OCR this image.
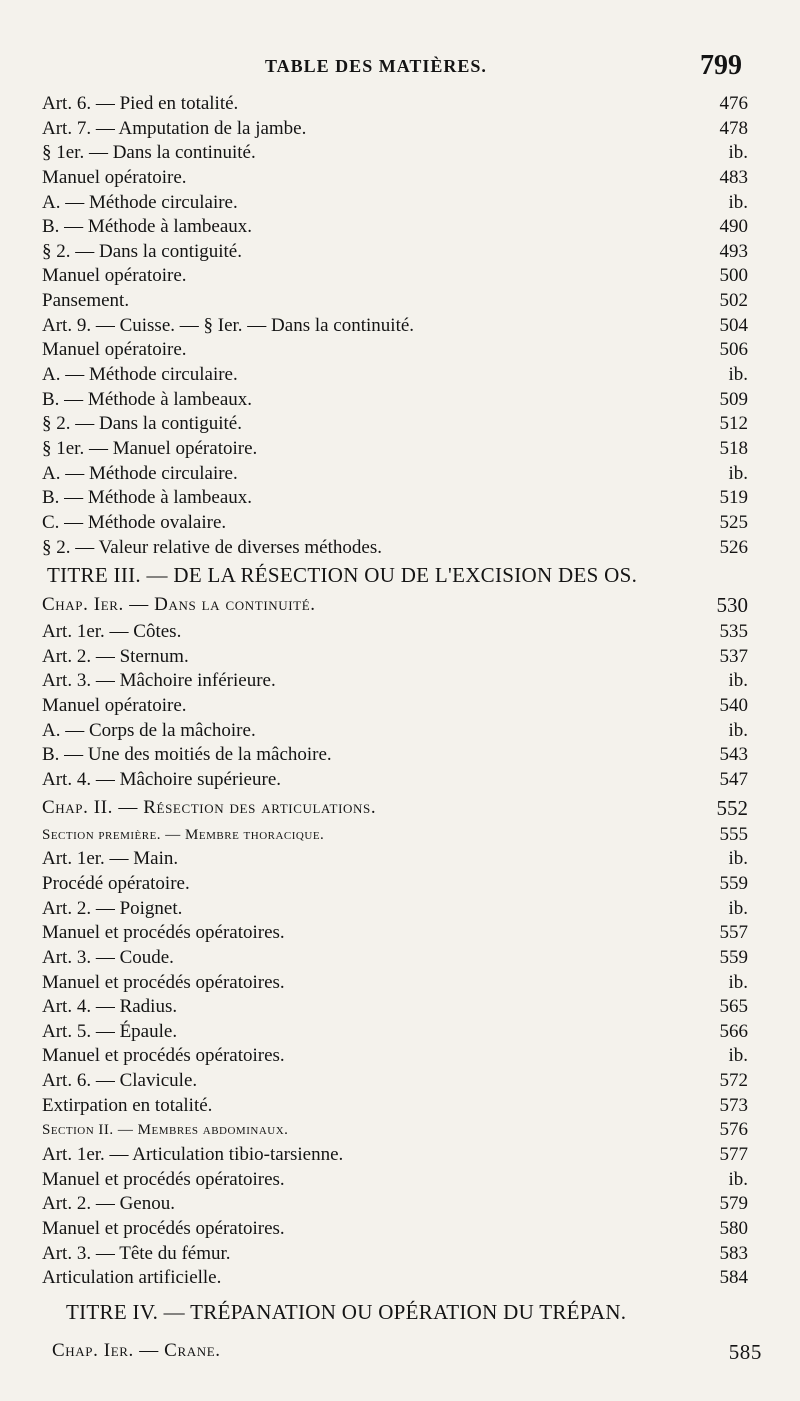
TABLE DES MATIÈRES.	799
Art. 6. — Pied en totalité.	476
Art. 7. — Amputation de la jambe.	478
§ 1er. — Dans la continuité.	ib.
Manuel opératoire.	483
A. — Méthode circulaire.	ib.
B. — Méthode à lambeaux.	490
§ 2. — Dans la contiguité.	493
Manuel opératoire.	500
Pansement.	502
Art. 9. — Cuisse. — § Ier. — Dans la continuité.	504
Manuel opératoire.	506
A. — Méthode circulaire.	ib.
B. — Méthode à lambeaux.	509
§ 2. — Dans la contiguité.	512
§ 1er. — Manuel opératoire.	518
A. — Méthode circulaire.	ib.
B. — Méthode à lambeaux.	519
C. — Méthode ovalaire.	525
§ 2. — Valeur relative de diverses méthodes.	526
TITRE III. — DE LA RÉSECTION OU DE L'EXCISION DES OS.
Chap. Ier. — Dans la continuité.	530
Art. 1er. — Côtes.	535
Art. 2. — Sternum.	537
Art. 3. — Mâchoire inférieure.	ib.
Manuel opératoire.	540
A. — Corps de la mâchoire.	ib.
B. — Une des moitiés de la mâchoire.	543
Art. 4. — Mâchoire supérieure.	547
Chap. II. — Résection des articulations.	552
Section première. — Membre thoracique.	555
Art. 1er. — Main.	ib.
Procédé opératoire.	559
Art. 2. — Poignet.	ib.
Manuel et procédés opératoires.	557
Art. 3. — Coude.	559
Manuel et procédés opératoires.	ib.
Art. 4. — Radius.	565
Art. 5. — Épaule.	566
Manuel et procédés opératoires.	ib.
Art. 6. — Clavicule.	572
Extirpation en totalité.	573
Section II. — Membres abdominaux.	576
Art. 1er. — Articulation tibio-tarsienne.	577
Manuel et procédés opératoires.	ib.
Art. 2. — Genou.	579
Manuel et procédés opératoires.	580
Art. 3. — Tête du fémur.	583
Articulation artificielle.	584
TITRE IV. — TRÉPANATION OU OPÉRATION DU TRÉPAN.
Chap. Ier. — Crane.	585
